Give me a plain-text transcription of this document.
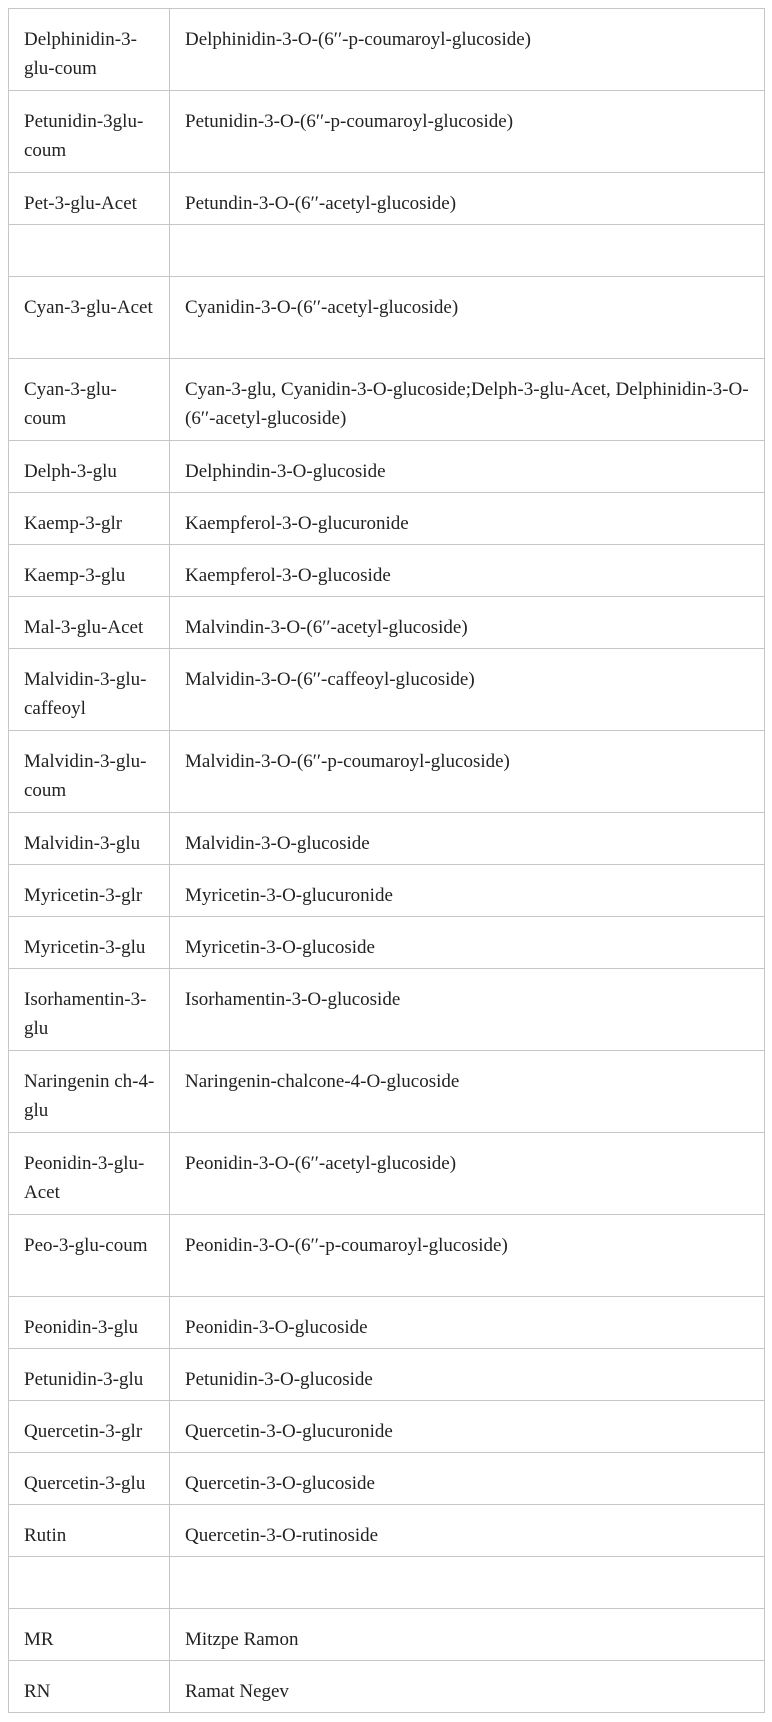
Delphinidin-3-glu-coum	Delphinidin-3-O-(6′′-p-coumaroyl-glucoside)
Petunidin-3glu-coum	Petunidin-3-O-(6′′-p-coumaroyl-glucoside)
Pet-3-glu-Acet	Petundin-3-O-(6′′-acetyl-glucoside)

Cyan-3-glu-Acet	Cyanidin-3-O-(6′′-acetyl-glucoside)
Cyan-3-glu-coum	Cyan-3-glu, Cyanidin-3-O-glucoside;Delph-3-glu-Acet, Delphinidin-3-O-(6′′-acetyl-glucoside)
Delph-3-glu	Delphindin-3-O-glucoside
Kaemp-3-glr	Kaempferol-3-O-glucuronide
Kaemp-3-glu	Kaempferol-3-O-glucoside
Mal-3-glu-Acet	Malvindin-3-O-(6′′-acetyl-glucoside)
Malvidin-3-glu-caffeoyl	Malvidin-3-O-(6′′-caffeoyl-glucoside)
Malvidin-3-glu-coum	Malvidin-3-O-(6′′-p-coumaroyl-glucoside)
Malvidin-3-glu	Malvidin-3-O-glucoside
Myricetin-3-glr	Myricetin-3-O-glucuronide
Myricetin-3-glu	Myricetin-3-O-glucoside
Isorhamentin-3-glu	Isorhamentin-3-O-glucoside
Naringenin ch-4-glu	Naringenin-chalcone-4-O-glucoside
Peonidin-3-glu-Acet	Peonidin-3-O-(6′′-acetyl-glucoside)
Peo-3-glu-coum	Peonidin-3-O-(6′′-p-coumaroyl-glucoside)
Peonidin-3-glu	Peonidin-3-O-glucoside
Petunidin-3-glu	Petunidin-3-O-glucoside
Quercetin-3-glr	Quercetin-3-O-glucuronide
Quercetin-3-glu	Quercetin-3-O-glucoside
Rutin	Quercetin-3-O-rutinoside

MR	Mitzpe Ramon
RN	Ramat Negev
